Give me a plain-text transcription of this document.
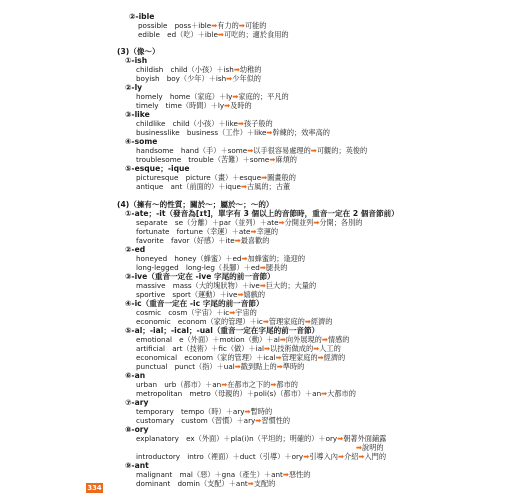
②-ible
possible　poss＋ible➡有力的➡可能的
edible　ed（吃）＋ible➡可吃的；適於食用的
(3)（像～）
①-ish
childish　child（小孩）＋ish➡幼稚的
boyish　boy（少年）＋ish➡少年似的
②-ly
homely　home（家庭）＋ly➡家庭的；平凡的
timely　time（時間）＋ly➡及時的
③-like
childlike　child（小孩）＋like➡孩子般的
businesslike　business（工作）＋like➡幹練的；效率高的
④-some
handsome　hand（手）＋some➡以手很容易處理的➡可觀的；英俊的
troublesome　trouble（苦難）＋some➡麻煩的
⑤-esque；-ique
picturesque　picture（畫）＋esque➡圖畫般的
antique　ant（前面的）＋ique➡古風的；古董
(4)（擁有～的性質；關於～；屬於～；～的）
①-ate；-it（發音為[ɪt]，單字有 3 個以上的音節時，重音一定在 2 個音節前）
separate　se（分離）＋par（並列）＋ate➡分開並列➡分開；各別的
fortunate　fortune（幸運）＋ate➡幸運的
favorite　favor（好感）＋ite➡最喜歡的
②-ed
honeyed　honey（蜂蜜）＋ed➡加蜂蜜的；逢迎的
long-legged　long-leg（長腳）＋ed➡腿長的
③-ive（重音一定在 -ive 字尾的前一音節）
massive　mass（大的塊狀物）＋ive➡巨大的；大量的
sportive　sport（運動）＋ive➡嬉戲的
④-ic（重音一定在 -ic 字尾的前一音節）
cosmic　cosm（宇宙）＋ic➡宇宙的
economic　econom（家的管理）＋ic➡管理家庭的➡經濟的
⑤-al；-ial；-ical；-ual（重音一定在字尾的前一音節）
emotional　e（外面）＋motion（動）＋al➡向外展現的➡情感的
artificial　art（技術）＋fic（做）＋ial➡以技術做成的➡人工的
economical　econom（家的管理）＋ical➡管理家庭的➡經濟的
punctual　punct（指）＋ual➡戳到點上的➡準時的
⑥-an
urban　urb（都市）＋an➡在都市之下的➡都市的
metropolitan　metro（母親的）＋poli(s)（都市）＋an➡大都市的
⑦-ary
temporary　tempo（時）＋ary➡暫時的
customary　custom（習慣）＋ary➡習慣性的
⑧-ory
explanatory　ex（外面）＋pla(i)n（平坦的；明確的）＋ory➡朝著外面鋪露
➡說明的
introductory　intro（裡面）＋duct（引導）＋ory➡引導入內➡介紹➡入門的
⑨-ant
malignant　mal（惡）＋gna（產生）＋ant➡惡性的
dominant　domin（支配）＋ant➡支配的
334
